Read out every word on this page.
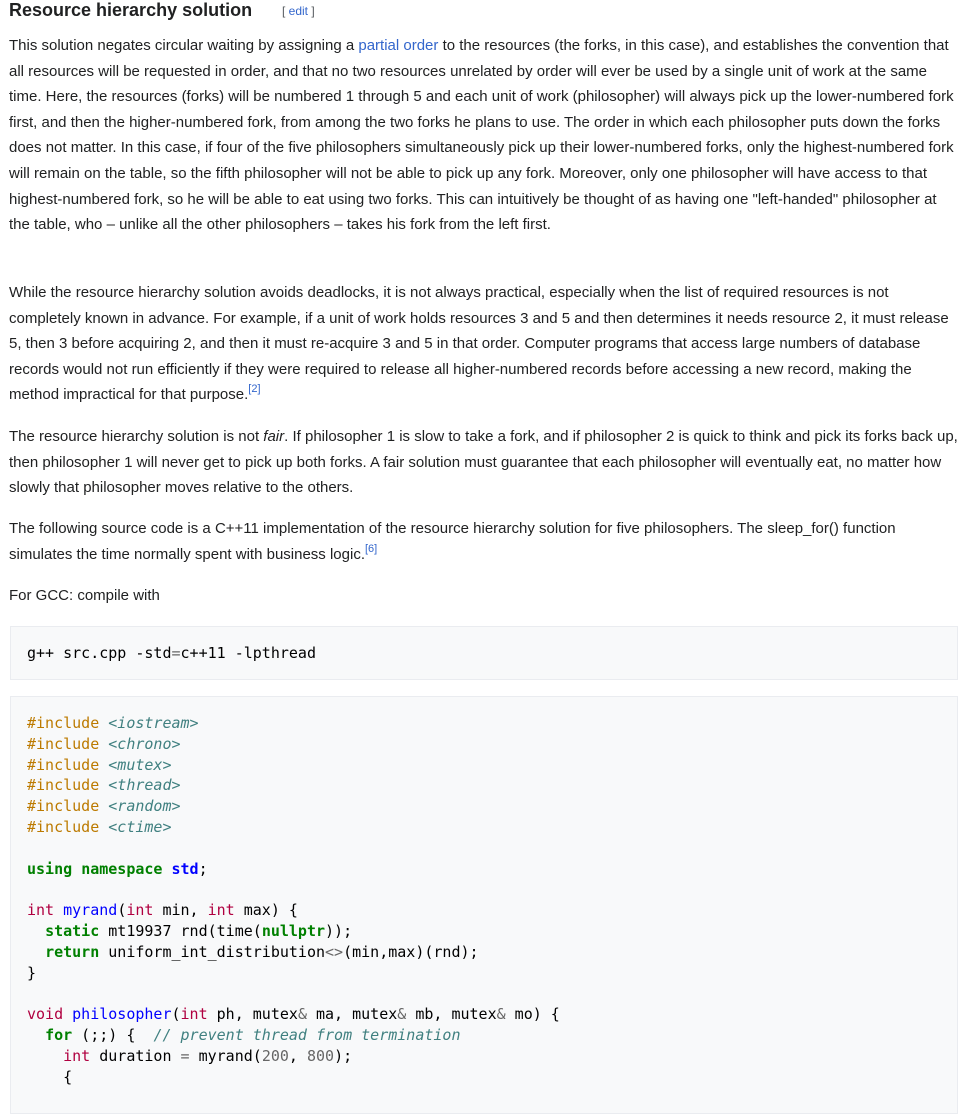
Resource hierarchy solution [ edit ]

This solution negates circular waiting by assigning a partial order to the resources (the forks, in this case), and establishes the convention that all resources will be requested in order, and that no two resources unrelated by order will ever be used by a single unit of work at the same time. Here, the resources (forks) will be numbered 1 through 5 and each unit of work (philosopher) will always pick up the lower-numbered fork first, and then the higher-numbered fork, from among the two forks he plans to use. The order in which each philosopher puts down the forks does not matter. In this case, if four of the five philosophers simultaneously pick up their lower-numbered forks, only the highest-numbered fork will remain on the table, so the fifth philosopher will not be able to pick up any fork. Moreover, only one philosopher will have access to that highest-numbered fork, so he will be able to eat using two forks. This can intuitively be thought of as having one "left-handed" philosopher at the table, who – unlike all the other philosophers – takes his fork from the left first.

While the resource hierarchy solution avoids deadlocks, it is not always practical, especially when the list of required resources is not completely known in advance. For example, if a unit of work holds resources 3 and 5 and then determines it needs resource 2, it must release 5, then 3 before acquiring 2, and then it must re-acquire 3 and 5 in that order. Computer programs that access large numbers of database records would not run efficiently if they were required to release all higher-numbered records before accessing a new record, making the method impractical for that purpose.[2]

The resource hierarchy solution is not fair. If philosopher 1 is slow to take a fork, and if philosopher 2 is quick to think and pick its forks back up, then philosopher 1 will never get to pick up both forks. A fair solution must guarantee that each philosopher will eventually eat, no matter how slowly that philosopher moves relative to the others.

The following source code is a C++11 implementation of the resource hierarchy solution for five philosophers. The sleep_for() function simulates the time normally spent with business logic.[6]

For GCC: compile with

g++ src.cpp -std=c++11 -lpthread
#include <iostream>
#include <chrono>
#include <mutex>
#include <thread>
#include <random>
#include <ctime>

using namespace std;

int myrand(int min, int max) {
static mt19937 rnd(time(nullptr));
return uniform_int_distribution<>(min,max)(rnd);
}

void philosopher(int ph, mutex& ma, mutex& mb, mutex& mo) {
for (;;) {  // prevent thread from termination
int duration = myrand(200, 800);
{
